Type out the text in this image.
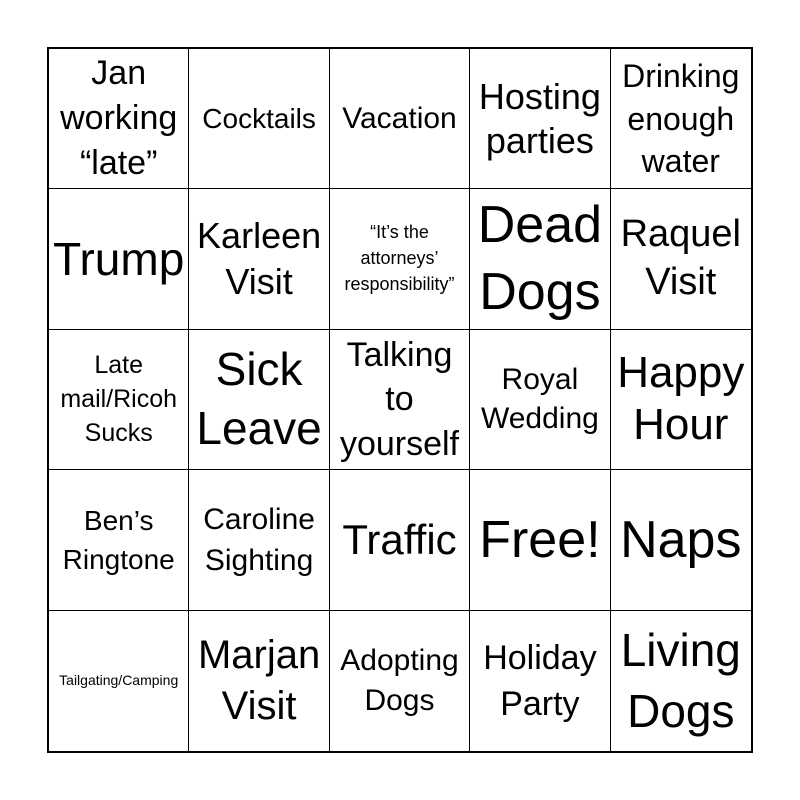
Jan
working
“late”
Cocktails Vacation
Hosting
parties
Drinking
enough
water
Trump Karleen
Visit
“It’s the
attorneys’
responsibility”
Dead
Dogs
Raquel
Visit
Late
mail/Ricoh
Sucks
Sick
Leave
Talking
to
yourself
Royal
Wedding
Happy
Hour
Ben’s
Ringtone
Caroline
Sighting Traffic Free! Naps
Tailgating/Camping
Marjan
Visit
Adopting
Dogs
Holiday
Party
Living
Dogs
